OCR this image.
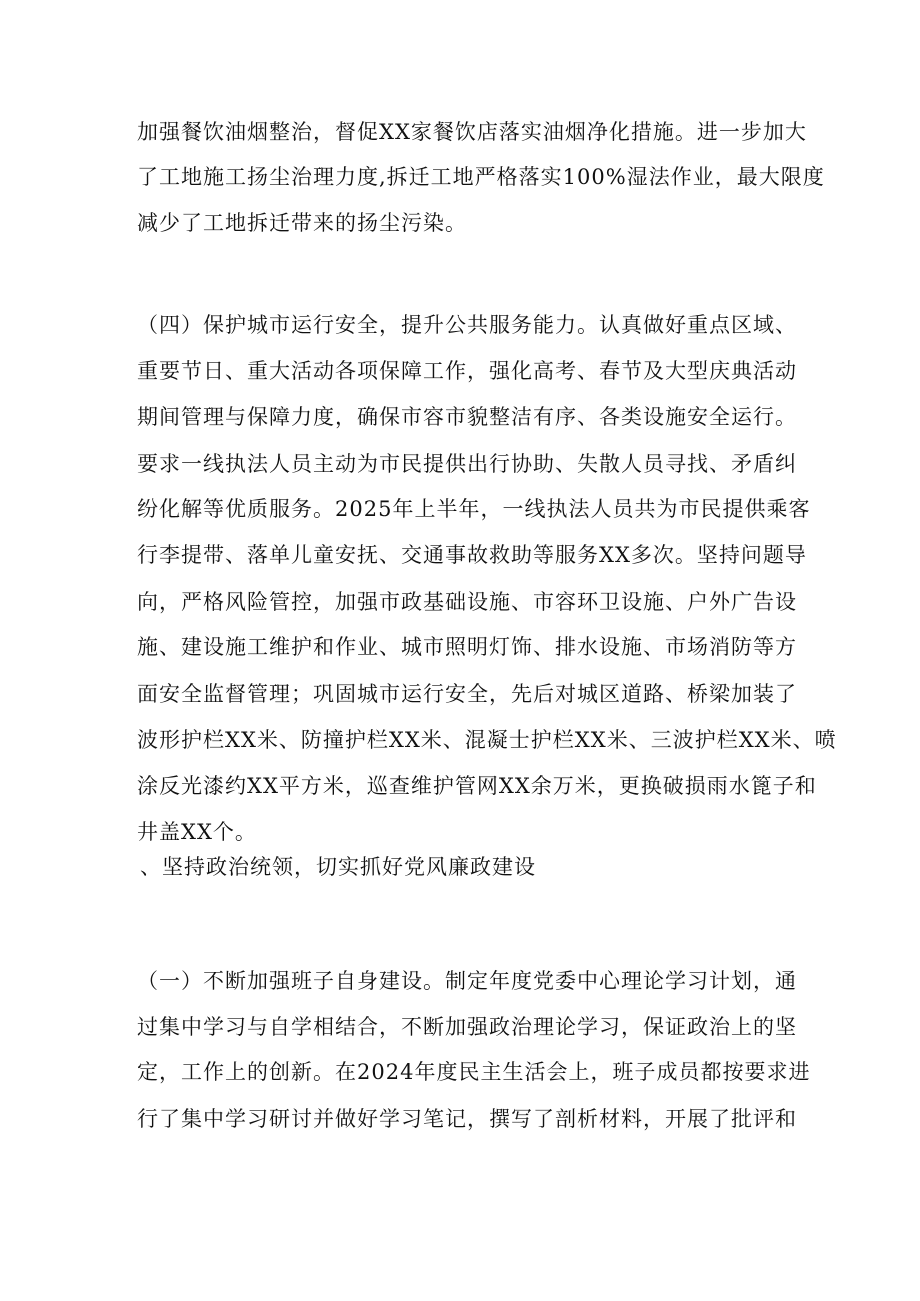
加强餐饮油烟整治，督促XX家餐饮店落实油烟净化措施。进一步加大
了工地施工扬尘治理力度,拆迁工地严格落实100%湿法作业，最大限度
减少了工地拆迁带来的扬尘污染。
（四）保护城市运行安全，提升公共服务能力。认真做好重点区域、
重要节日、重大活动各项保障工作，强化高考、春节及大型庆典活动
期间管理与保障力度，确保市容市貌整洁有序、各类设施安全运行。
要求一线执法人员主动为市民提供出行协助、失散人员寻找、矛盾纠
纷化解等优质服务。2025年上半年，一线执法人员共为市民提供乘客
行李提带、落单儿童安抚、交通事故救助等服务XX多次。坚持问题导
向，严格风险管控，加强市政基础设施、市容环卫设施、户外广告设
施、建设施工维护和作业、城市照明灯饰、排水设施、市场消防等方
面安全监督管理；巩固城市运行安全，先后对城区道路、桥梁加装了
波形护栏XX米、防撞护栏XX米、混凝士护栏XX米、三波护栏XX米、喷
涂反光漆约XX平方米，巡查维护管网XX余万米，更换破损雨水篦子和
井盖XX个。
、坚持政治统领，切实抓好党风廉政建设
（一）不断加强班子自身建设。制定年度党委中心理论学习计划，通
过集中学习与自学相结合，不断加强政治理论学习，保证政治上的坚
定，工作上的创新。在2024年度民主生活会上，班子成员都按要求进
行了集中学习研讨并做好学习笔记，撰写了剖析材料，开展了批评和
